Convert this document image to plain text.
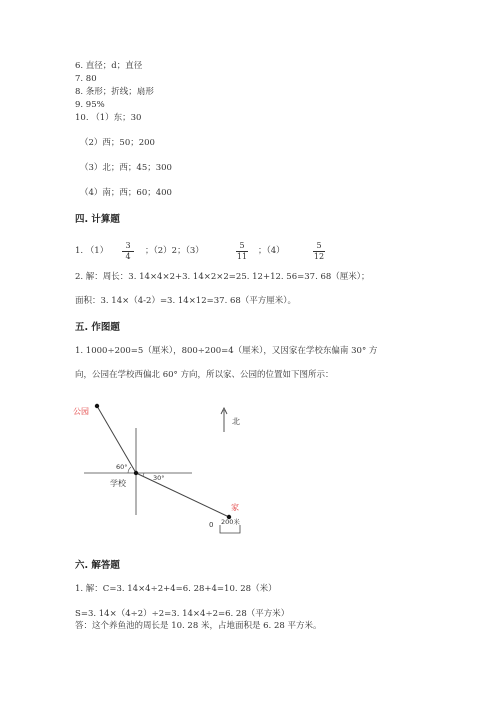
6. 直径；d；直径
7. 80
8. 条形；折线；扇形
9. 95%
10. （1）东；30
（2）西；50；200
（3）北；西；45；300
（4）南；西；60；400
四. 计算题
1. （1）
3
4
；（2）2；（3）
5
11
；（4）
5
12
2. 解：周长：3. 14×4×2+3. 14×2×2=25. 12+12. 56=37. 68（厘米）；
面积：3. 14×（4-2）=3. 14×12=37. 68（平方厘米）。
五. 作图题
1. 1000÷200=5（厘米），800÷200=4（厘米），又因家在学校东偏南 30° 方
向，公园在学校西偏北 60° 方向，所以家、公园的位置如下图所示：
公园
北
学校
60°
30°
家
0 200米
六. 解答题
1. 解：C=3. 14×4÷2+4=6. 28+4=10. 28（米）
S=3. 14×（4÷2）÷2=3. 14×4÷2=6. 28（平方米）
答：这个养鱼池的周长是 10. 28 米，占地面积是 6. 28 平方米。
